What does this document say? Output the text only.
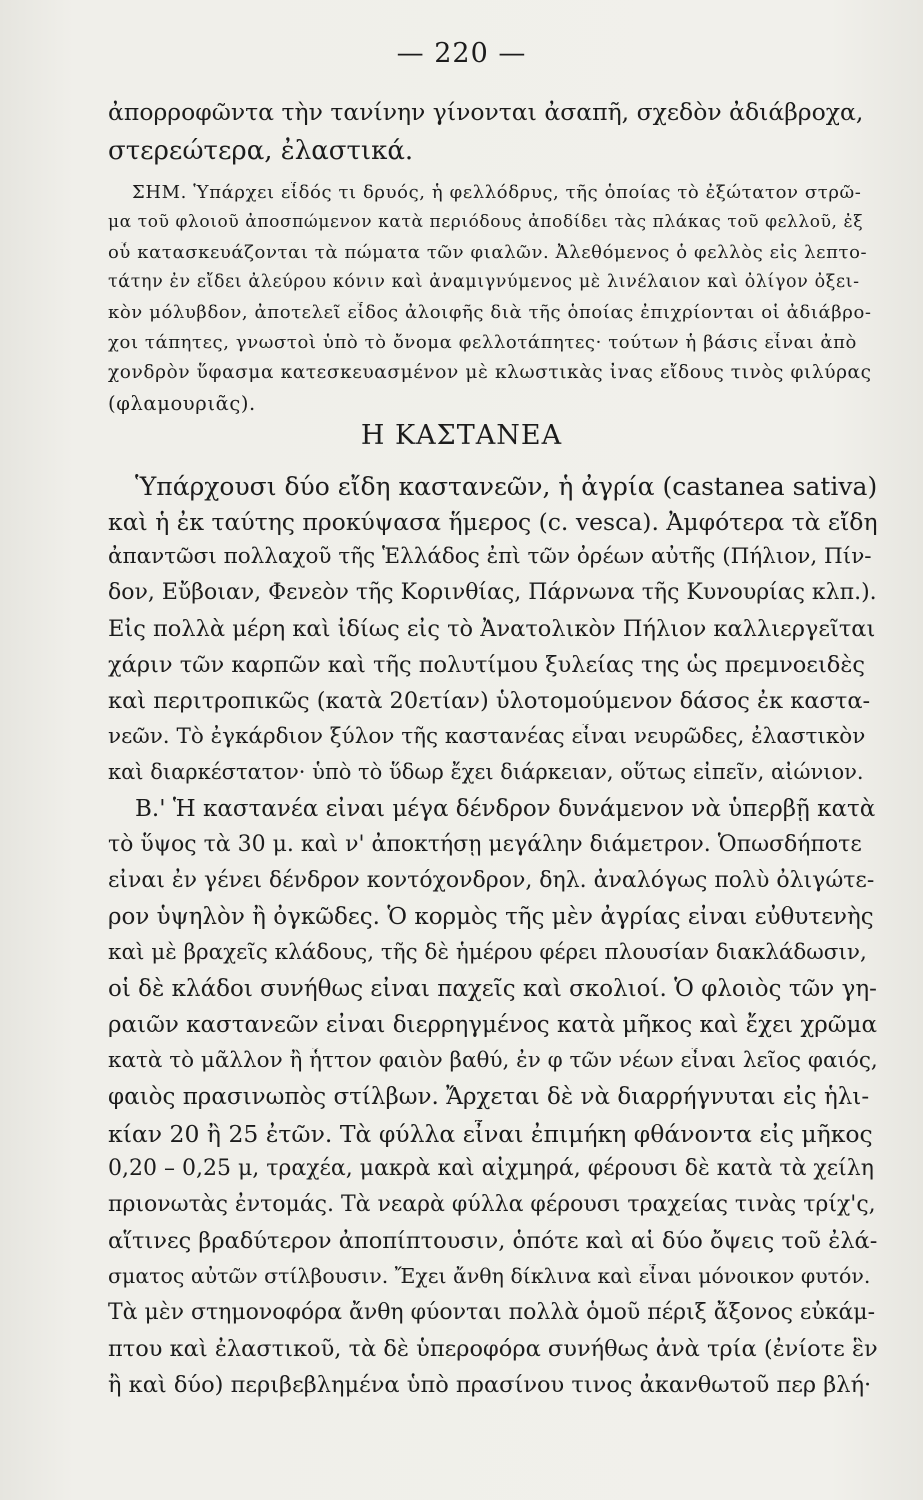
— 220 —
ἀπορροφῶντα τὴν τανίνην γίνονται ἀσαπῆ, σχεδὸν ἀδιάβροχα,
στερεώτερα, ἐλαστικά.
ΣΗΜ. Ὑπάρχει εἶδός τι δρυός, ἡ φελλόδρυς, τῆς ὁποίας τὸ ἐξώτατον στρῶ-
μα τοῦ φλοιοῦ ἀποσπώμενον κατὰ περιόδους ἀποδίδει τὰς πλάκας τοῦ φελλοῦ, ἐξ
οὗ κατασκευάζονται τὰ πώματα τῶν φιαλῶν. Ἀλεθόμενος ὁ φελλὸς εἰς λεπτο-
τάτην ἐν εἴδει ἀλεύρου κόνιν καὶ ἀναμιγνύμενος μὲ λινέλαιον καὶ ὀλίγον ὀξει-
κὸν μόλυβδον, ἀποτελεῖ εἶδος ἀλοιφῆς διὰ τῆς ὁποίας ἐπιχρίονται οἱ ἀδιάβρο-
χοι τάπητες, γνωστοὶ ὑπὸ τὸ ὄνομα φελλοτάπητες· τούτων ἡ βάσις εἶναι ἀπὸ
χονδρὸν ὕφασμα κατεσκευασμένον μὲ κλωστικὰς ἶνας εἴδους τινὸς φιλύρας
(φλαμουριᾶς).
Η ΚΑΣΤΑΝΕΑ
Ὑπάρχουσι δύο εἴδη καστανεῶν, ἡ ἀγρία (castanea sativa)
καὶ ἡ ἐκ ταύτης προκύψασα ἥμερος (c. vesca). Ἀμφότερα τὰ εἴδη
ἀπαντῶσι πολλαχοῦ τῆς Ἑλλάδος ἐπὶ τῶν ὀρέων αὐτῆς (Πήλιον, Πίν-
δον, Εὔβοιαν, Φενεὸν τῆς Κορινθίας, Πάρνωνα τῆς Κυνουρίας κλπ.).
Εἰς πολλὰ μέρη καὶ ἰδίως εἰς τὸ Ἀνατολικὸν Πήλιον καλλιεργεῖται
χάριν τῶν καρπῶν καὶ τῆς πολυτίμου ξυλείας της ὡς πρεμνοειδὲς
καὶ περιτροπικῶς (κατὰ 20ετίαν) ὑλοτομούμενον δάσος ἐκ καστα-
νεῶν. Τὸ ἐγκάρδιον ξύλον τῆς καστανέας εἶναι νευρῶδες, ἐλαστικὸν
καὶ διαρκέστατον· ὑπὸ τὸ ὕδωρ ἔχει διάρκειαν, οὕτως εἰπεῖν, αἰώνιον.
Β.' Ἡ καστανέα εἶναι μέγα δένδρον δυνάμενον νὰ ὑπερβῇ κατὰ
τὸ ὕψος τὰ 30 μ. καὶ ν' ἀποκτήσῃ μεγάλην διάμετρον. Ὁπωσδήποτε
εἶναι ἐν γένει δένδρον κοντόχονδρον, δηλ. ἀναλόγως πολὺ ὀλιγώτε-
ρον ὑψηλὸν ἢ ὀγκῶδες. Ὁ κορμὸς τῆς μὲν ἀγρίας εἶναι εὐθυτενὴς
καὶ μὲ βραχεῖς κλάδους, τῆς δὲ ἡμέρου φέρει πλουσίαν διακλάδωσιν,
οἱ δὲ κλάδοι συνήθως εἶναι παχεῖς καὶ σκολιοί. Ὁ φλοιὸς τῶν γη-
ραιῶν καστανεῶν εἶναι διερρηγμένος κατὰ μῆκος καὶ ἔχει χρῶμα
κατὰ τὸ μᾶλλον ἢ ἧττον φαιὸν βαθύ, ἐν φ τῶν νέων εἶναι λεῖος φαιός,
φαιὸς πρασινωπὸς στίλβων. Ἄρχεται δὲ νὰ διαρρήγνυται εἰς ἡλι-
κίαν 20 ἢ 25 ἐτῶν. Τὰ φύλλα εἶναι ἐπιμήκη φθάνοντα εἰς μῆκος
0,20 – 0,25 μ, τραχέα, μακρὰ καὶ αἰχμηρά, φέρουσι δὲ κατὰ τὰ χείλη
πριονωτὰς ἐντομάς. Τὰ νεαρὰ φύλλα φέρουσι τραχείας τινὰς τρίχ'ς,
αἵτινες βραδύτερον ἀποπίπτουσιν, ὁπότε καὶ αἱ δύο ὄψεις τοῦ ἐλά-
σματος αὐτῶν στίλβουσιν. Ἔχει ἄνθη δίκλινα καὶ εἶναι μόνοικον φυτόν.
Τὰ μὲν στημονοφόρα ἄνθη φύονται πολλὰ ὁμοῦ πέριξ ἄξονος εὐκάμ-
πτου καὶ ἐλαστικοῦ, τὰ δὲ ὑπεροφόρα συνήθως ἀνὰ τρία (ἐνίοτε ἓν
ἢ καὶ δύο) περιβεβλημένα ὑπὸ πρασίνου τινος ἀκανθωτοῦ περ βλή·
